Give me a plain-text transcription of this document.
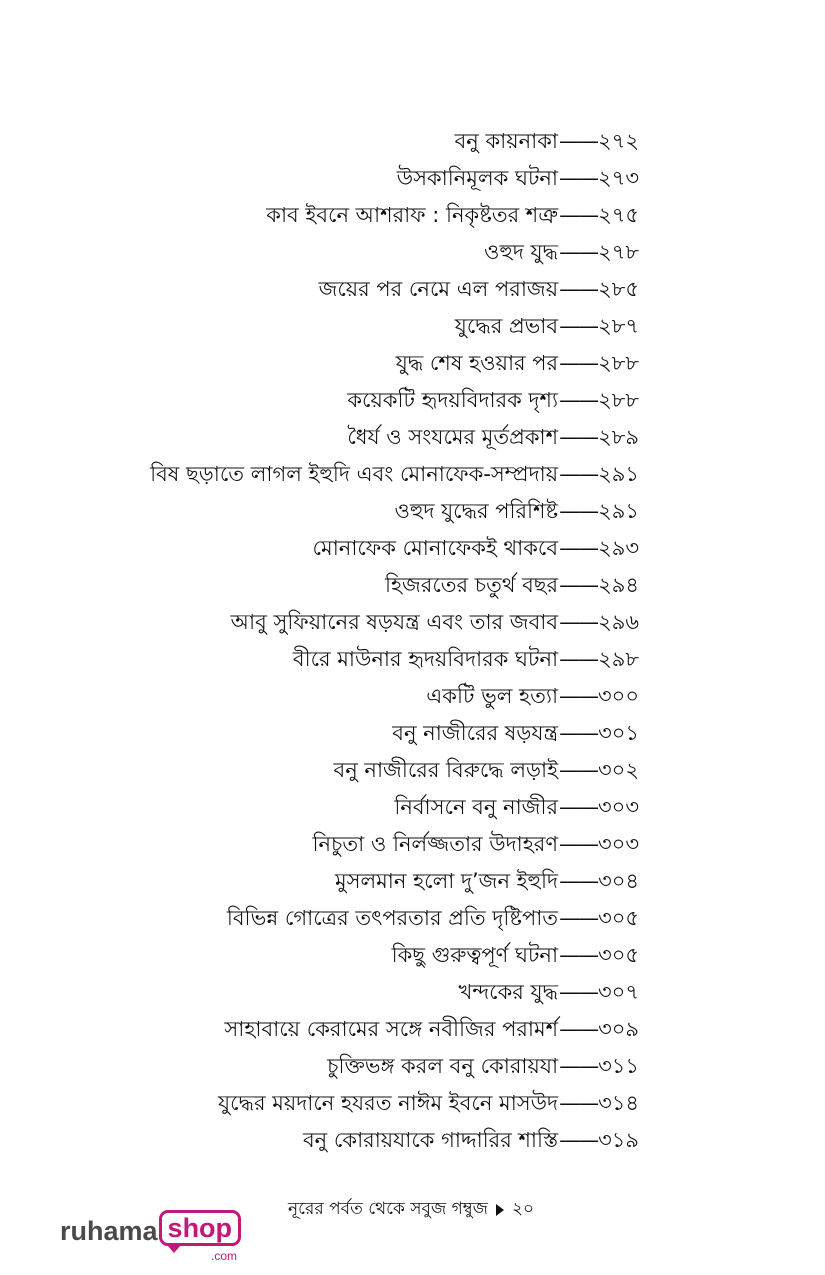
বনু কায়নাকা —— ২৭২
উসকানিমূলক ঘটনা —— ২৭৩
কাব ইবনে আশরাফ : নিকৃষ্টতর শত্রু —— ২৭৫
ওহুদ যুদ্ধ —— ২৭৮
জয়ের পর নেমে এল পরাজয় —— ২৮৫
যুদ্ধের প্রভাব —— ২৮৭
যুদ্ধ শেষ হওয়ার পর —— ২৮৮
কয়েকটি হৃদয়বিদারক দৃশ্য —— ২৮৮
ধৈর্য ও সংযমের মূর্তপ্রকাশ —— ২৮৯
বিষ ছড়াতে লাগল ইহুদি এবং মোনাফেক-সম্প্রদায় —— ২৯১
ওহুদ যুদ্ধের পরিশিষ্ট —— ২৯১
মোনাফেক মোনাফেকই থাকবে —— ২৯৩
হিজরতের চতুর্থ বছর —— ২৯৪
আবু সুফিয়ানের ষড়যন্ত্র এবং তার জবাব —— ২৯৬
বীরে মাউনার হৃদয়বিদারক ঘটনা —— ২৯৮
একটি ভুল হত্যা —— ৩০০
বনু নাজীরের ষড়যন্ত্র —— ৩০১
বনু নাজীরের বিরুদ্ধে লড়াই —— ৩০২
নির্বাসনে বনু নাজীর —— ৩০৩
নিচুতা ও নির্লজ্জতার উদাহরণ —— ৩০৩
মুসলমান হলো দু’জন ইহুদি —— ৩০৪
বিভিন্ন গোত্রের তৎপরতার প্রতি দৃষ্টিপাত —— ৩০৫
কিছু গুরুত্বপূর্ণ ঘটনা —— ৩০৫
খন্দকের যুদ্ধ —— ৩০৭
সাহাবায়ে কেরামের সঙ্গে নবীজির পরামর্শ —— ৩০৯
চুক্তিভঙ্গ করল বনু কোরায়যা —— ৩১১
যুদ্ধের ময়দানে হযরত নাঈম ইবনে মাসউদ —— ৩১৪
বনু কোরায়যাকে গাদ্দারির শাস্তি —— ৩১৯
নূরের পর্বত থেকে সবুজ গম্বুজ ২০
ruhama shop
.com
